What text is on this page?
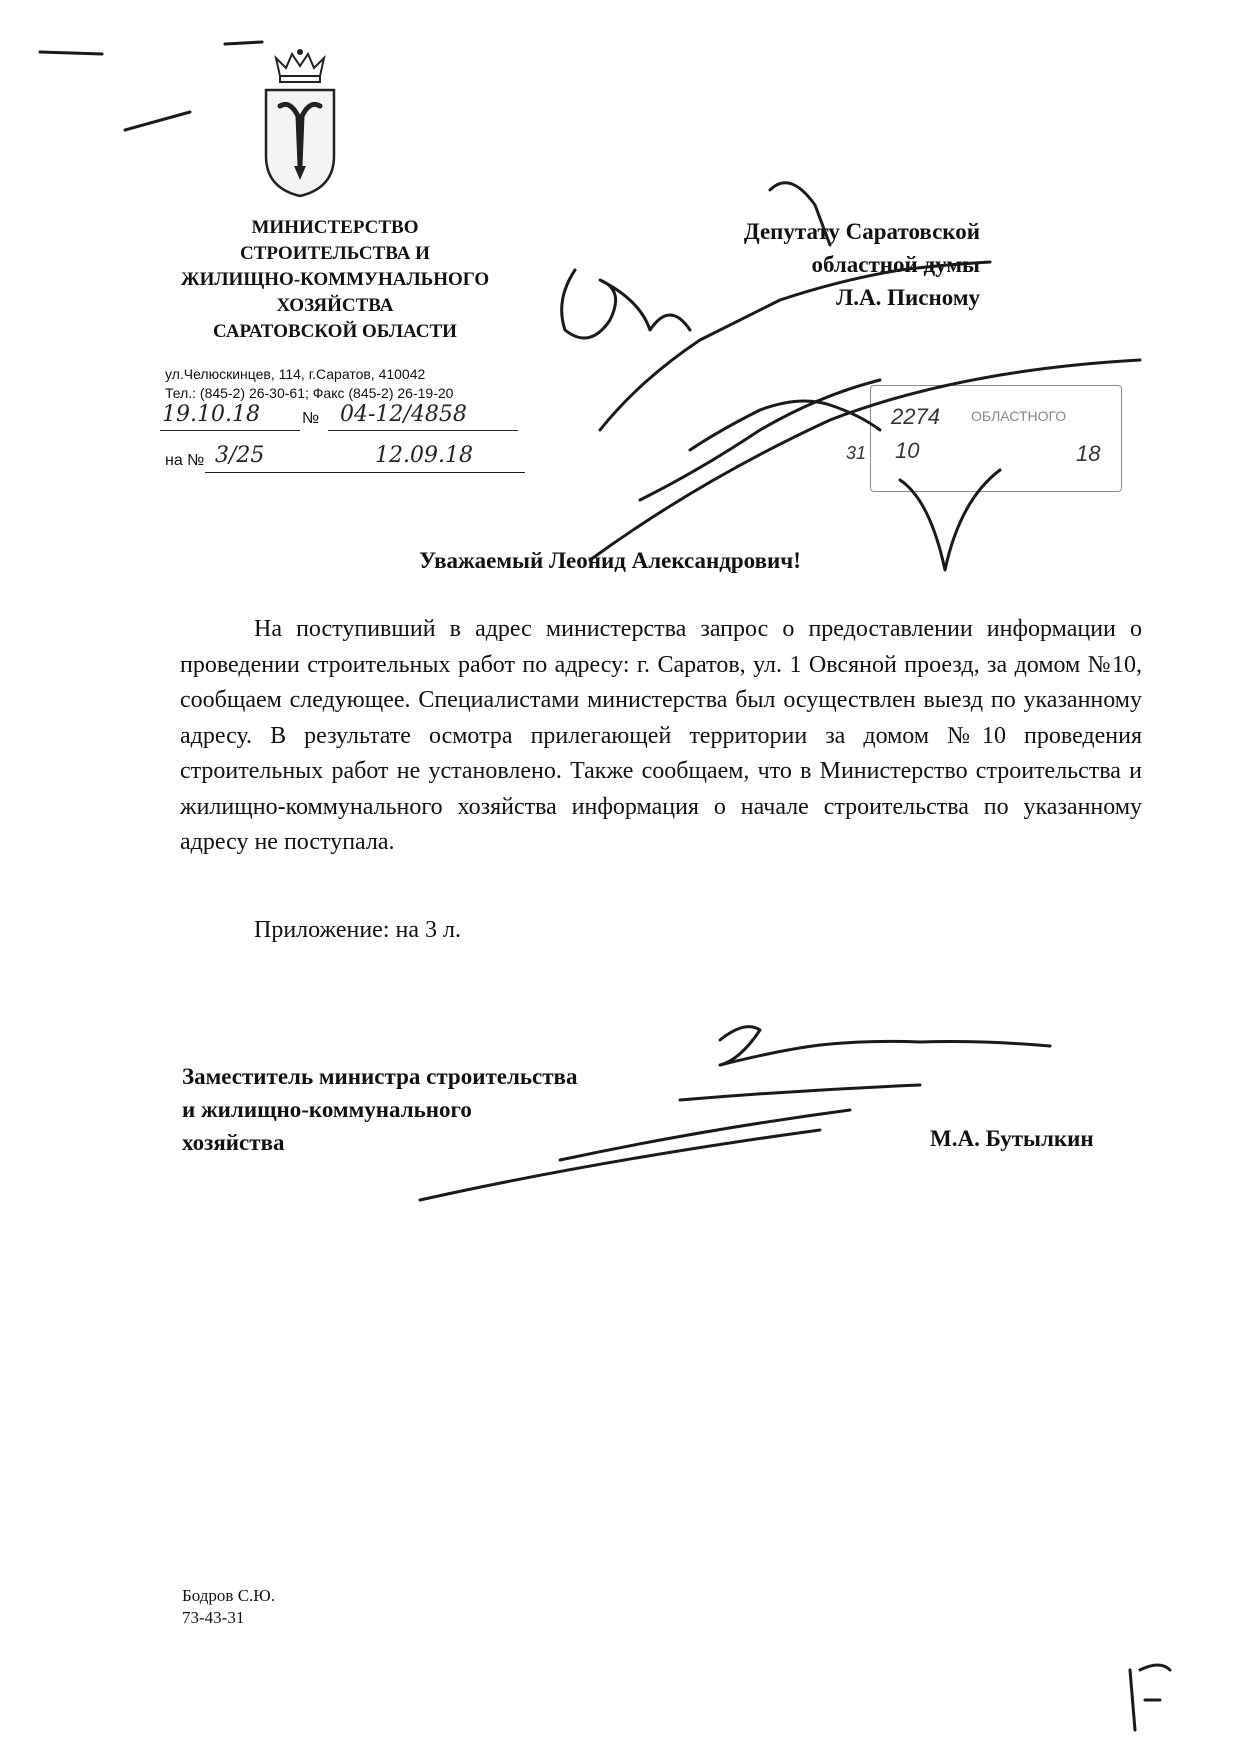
МИНИСТЕРСТВО
СТРОИТЕЛЬСТВА И
ЖИЛИЩНО-КОММУНАЛЬНОГО
ХОЗЯЙСТВА
САРАТОВСКОЙ ОБЛАСТИ
ул.Челюскинцев, 114, г.Саратов, 410042
Тел.: (845-2) 26-30-61; Факс (845-2) 26-19-20
19.10.18	№ 04-12/4858
на № 3/25	12.09.18
Депутату Саратовской
областной думы
Л.А. Писному
ОБЛАСТНОГО
2274
31 10	18
Уважаемый Леонид Александрович!

На поступивший в адрес министерства запрос о предоставлении информации о проведении строительных работ по адресу: г. Саратов, ул. 1 Овсяной проезд, за домом №10, сообщаем следующее. Специалистами министерства был осуществлен выезд по указанному адресу. В результате осмотра прилегающей территории за домом №10 проведения строительных работ не установлено. Также сообщаем, что в Министерство строительства и жилищно-коммунального хозяйства информация о начале строительства по указанному адресу не поступала.

Приложение: на 3 л.
Заместитель министра строительства
и жилищно-коммунального
хозяйства	М.А. Бутылкин
Бодров С.Ю.
73-43-31
